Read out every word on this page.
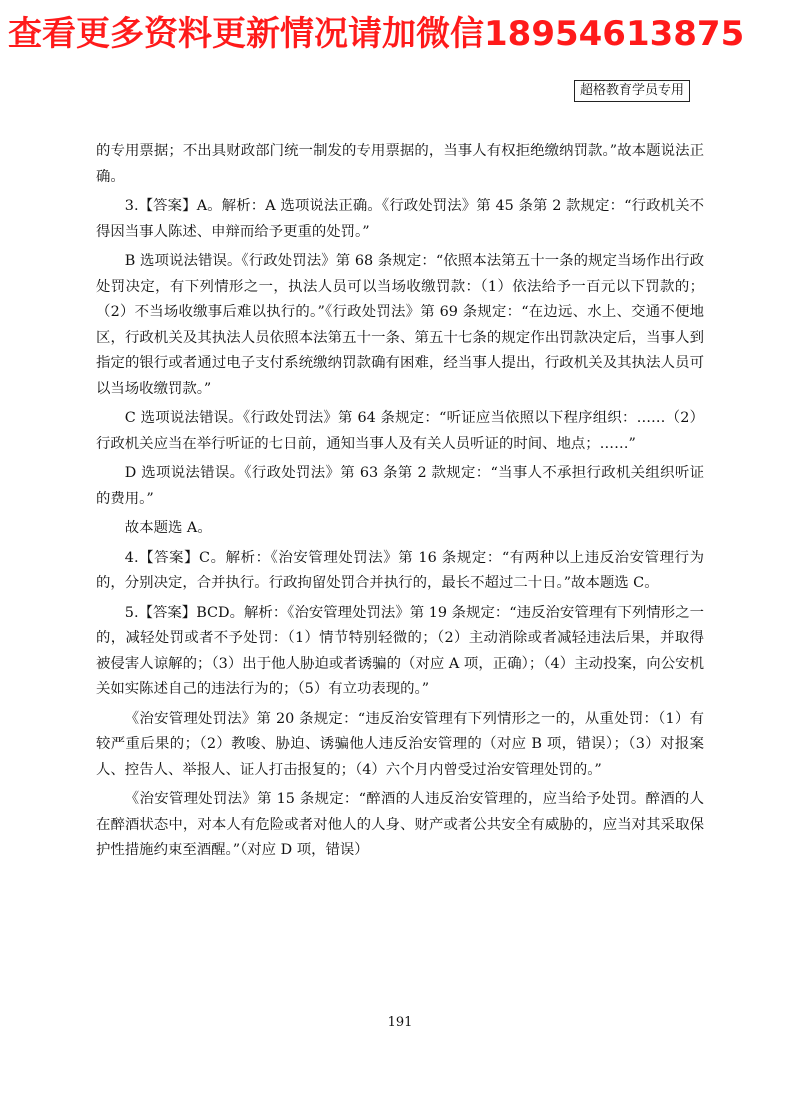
查看更多资料更新情况请加微信18954613875
超格教育学员专用

的专用票据；不出具财政部门统一制发的专用票据的，当事人有权拒绝缴纳罚款。”故本题说法正确。

3.【答案】A。解析：A 选项说法正确。《行政处罚法》第 45 条第 2 款规定：“行政机关不得因当事人陈述、申辩而给予更重的处罚。”

B 选项说法错误。《行政处罚法》第 68 条规定：“依照本法第五十一条的规定当场作出行政处罚决定，有下列情形之一，执法人员可以当场收缴罚款：（1）依法给予一百元以下罚款的；（2）不当场收缴事后难以执行的。”《行政处罚法》第 69 条规定：“在边远、水上、交通不便地区，行政机关及其执法人员依照本法第五十一条、第五十七条的规定作出罚款决定后，当事人到指定的银行或者通过电子支付系统缴纳罚款确有困难，经当事人提出，行政机关及其执法人员可以当场收缴罚款。”

C 选项说法错误。《行政处罚法》第 64 条规定：“听证应当依照以下程序组织：……（2）行政机关应当在举行听证的七日前，通知当事人及有关人员听证的时间、地点；……”

D 选项说法错误。《行政处罚法》第 63 条第 2 款规定：“当事人不承担行政机关组织听证的费用。”

故本题选 A。

4.【答案】C。解析：《治安管理处罚法》第 16 条规定：“有两种以上违反治安管理行为的，分别决定，合并执行。行政拘留处罚合并执行的，最长不超过二十日。”故本题选 C。

5.【答案】BCD。解析：《治安管理处罚法》第 19 条规定：“违反治安管理有下列情形之一的，减轻处罚或者不予处罚：（1）情节特别轻微的；（2）主动消除或者减轻违法后果，并取得被侵害人谅解的；（3）出于他人胁迫或者诱骗的（对应 A 项，正确）；（4）主动投案，向公安机关如实陈述自己的违法行为的；（5）有立功表现的。”

《治安管理处罚法》第 20 条规定：“违反治安管理有下列情形之一的，从重处罚：（1）有较严重后果的；（2）教唆、胁迫、诱骗他人违反治安管理的（对应 B 项，错误）；（3）对报案人、控告人、举报人、证人打击报复的；（4）六个月内曾受过治安管理处罚的。”

《治安管理处罚法》第 15 条规定：“醉酒的人违反治安管理的，应当给予处罚。醉酒的人在醉酒状态中，对本人有危险或者对他人的人身、财产或者公共安全有威胁的，应当对其采取保护性措施约束至酒醒。”（对应 D 项，错误）

191
